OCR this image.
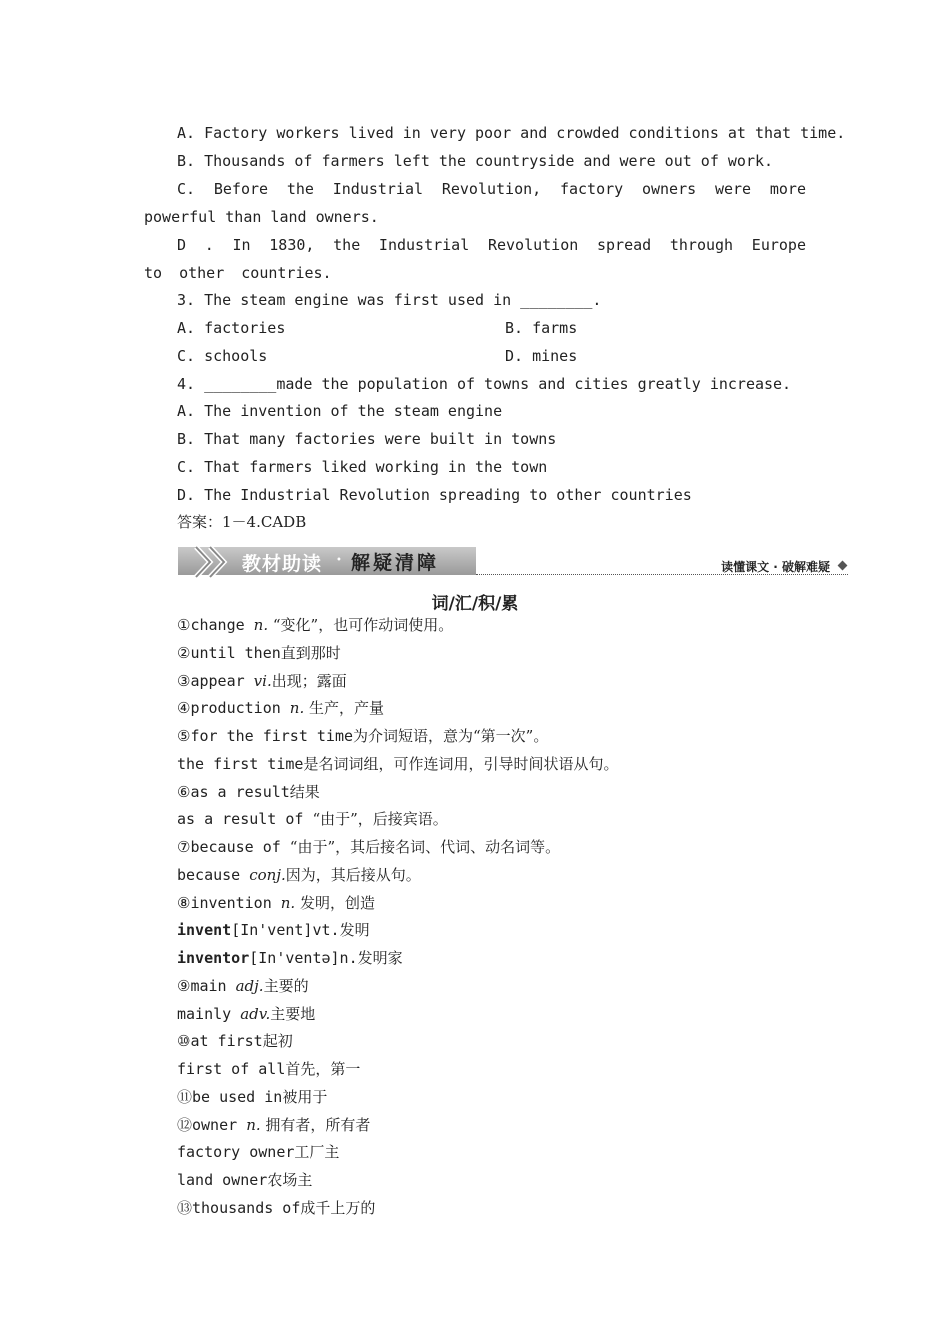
A. Factory workers lived in very poor and crowded conditions at that time.
B. Thousands of farmers left the countryside and were out of work.
C. Before the Industrial Revolution, factory owners were more powerful than land owners.
D . In 1830, the Industrial Revolution spread through Europe to other countries.
3. The steam engine was first used in ________.
A. factories	B. farms
C. schools	D. mines
4. ________made the population of towns and cities greatly increase.
A. The invention of the steam engine
B. That many factories were built in towns
C. That farmers liked working in the town
D. The Industrial Revolution spreading to other countries
答案：1－4.CADB
教材助读 • 解疑清障	读懂课文 · 破解难疑
词/汇/积/累
①change n. “变化”，也可作动词使用。
②until then直到那时
③appear vi.出现；露面
④production n. 生产，产量
⑤for the first time为介词短语，意为“第一次”。
the first time是名词词组，可作连词用，引导时间状语从句。
⑥as a result结果
as a result of “由于”，后接宾语。
⑦because of “由于”，其后接名词、代词、动名词等。
because conj.因为，其后接从句。
⑧invention n. 发明，创造
invent[In'vent]vt.发明
inventor[In'ventə]n.发明家
⑨main adj.主要的
mainly adv.主要地
⑩at first起初
first of all首先，第一
⑪be used in被用于
⑫owner n. 拥有者，所有者
factory owner工厂主
land owner农场主
⑬thousands of成千上万的
